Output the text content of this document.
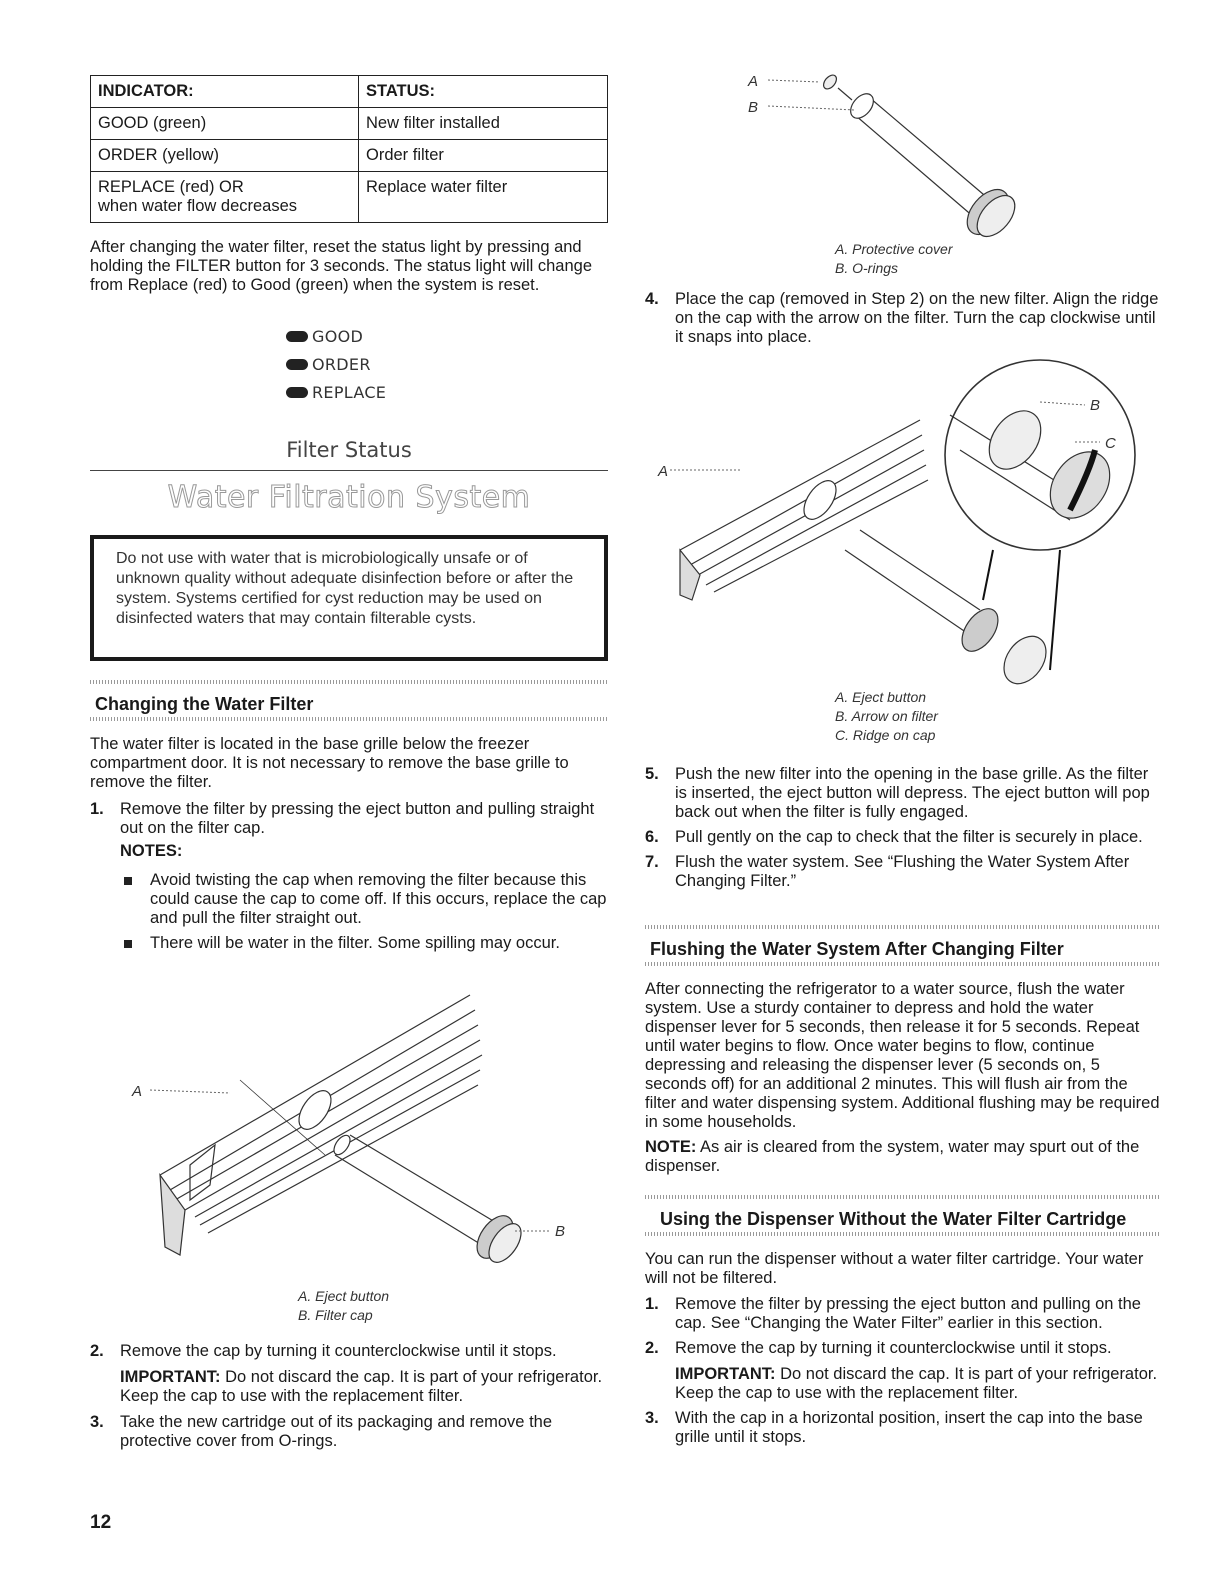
INDICATOR:	STATUS:
GOOD (green)	New filter installed
ORDER (yellow)	Order filter

REPLACE (red) OR
when water flow decreases	Replace water filter

After changing the water filter, reset the status light by pressing and holding the FILTER button for 3 seconds. The status light will change from Replace (red) to Good (green) when the system is reset.

GOOD
ORDER
REPLACE
Filter Status
Water Filtration System
Do not use with water that is microbiologically unsafe or of unknown quality without adequate disinfection before or after the system. Systems certified for cyst reduction may be used on disinfected waters that may contain filterable cysts.
Changing the Water Filter

The water filter is located in the base grille below the freezer compartment door. It is not necessary to remove the base grille to remove the filter.

1. Remove the filter by pressing the eject button and pulling straight out on the filter cap.
NOTES:
Avoid twisting the cap when removing the filter because this could cause the cap to come off. If this occurs, replace the cap and pull the filter straight out.
There will be water in the filter. Some spilling may occur.
A
B
A. Eject button
B. Filter cap
2. Remove the cap by turning it counterclockwise until it stops.

IMPORTANT: Do not discard the cap. It is part of your refrigerator. Keep the cap to use with the replacement filter.

3. Take the new cartridge out of its packaging and remove the protective cover from O-rings.
12
A
B
A. Protective cover
B. O-rings
4. Place the cap (removed in Step 2) on the new filter. Align the ridge on the cap with the arrow on the filter. Turn the cap clockwise until it snaps into place.
A
B
C
A. Eject button
B. Arrow on filter
C. Ridge on cap
5. Push the new filter into the opening in the base grille. As the filter is inserted, the eject button will depress. The eject button will pop back out when the filter is fully engaged.
6. Pull gently on the cap to check that the filter is securely in place.
7. Flush the water system. See “Flushing the Water System After Changing Filter.”
Flushing the Water System After Changing Filter

After connecting the refrigerator to a water source, flush the water system. Use a sturdy container to depress and hold the water dispenser lever for 5 seconds, then release it for 5 seconds. Repeat until water begins to flow. Once water begins to flow, continue depressing and releasing the dispenser lever (5 seconds on, 5 seconds off) for an additional 2 minutes. This will flush air from the filter and water dispensing system. Additional flushing may be required in some households.

NOTE: As air is cleared from the system, water may spurt out of the dispenser.

Using the Dispenser Without the Water Filter Cartridge

You can run the dispenser without a water filter cartridge. Your water will not be filtered.

1. Remove the filter by pressing the eject button and pulling on the cap. See “Changing the Water Filter” earlier in this section.
2. Remove the cap by turning it counterclockwise until it stops.

IMPORTANT: Do not discard the cap. It is part of your refrigerator. Keep the cap to use with the replacement filter.

3. With the cap in a horizontal position, insert the cap into the base grille until it stops.
